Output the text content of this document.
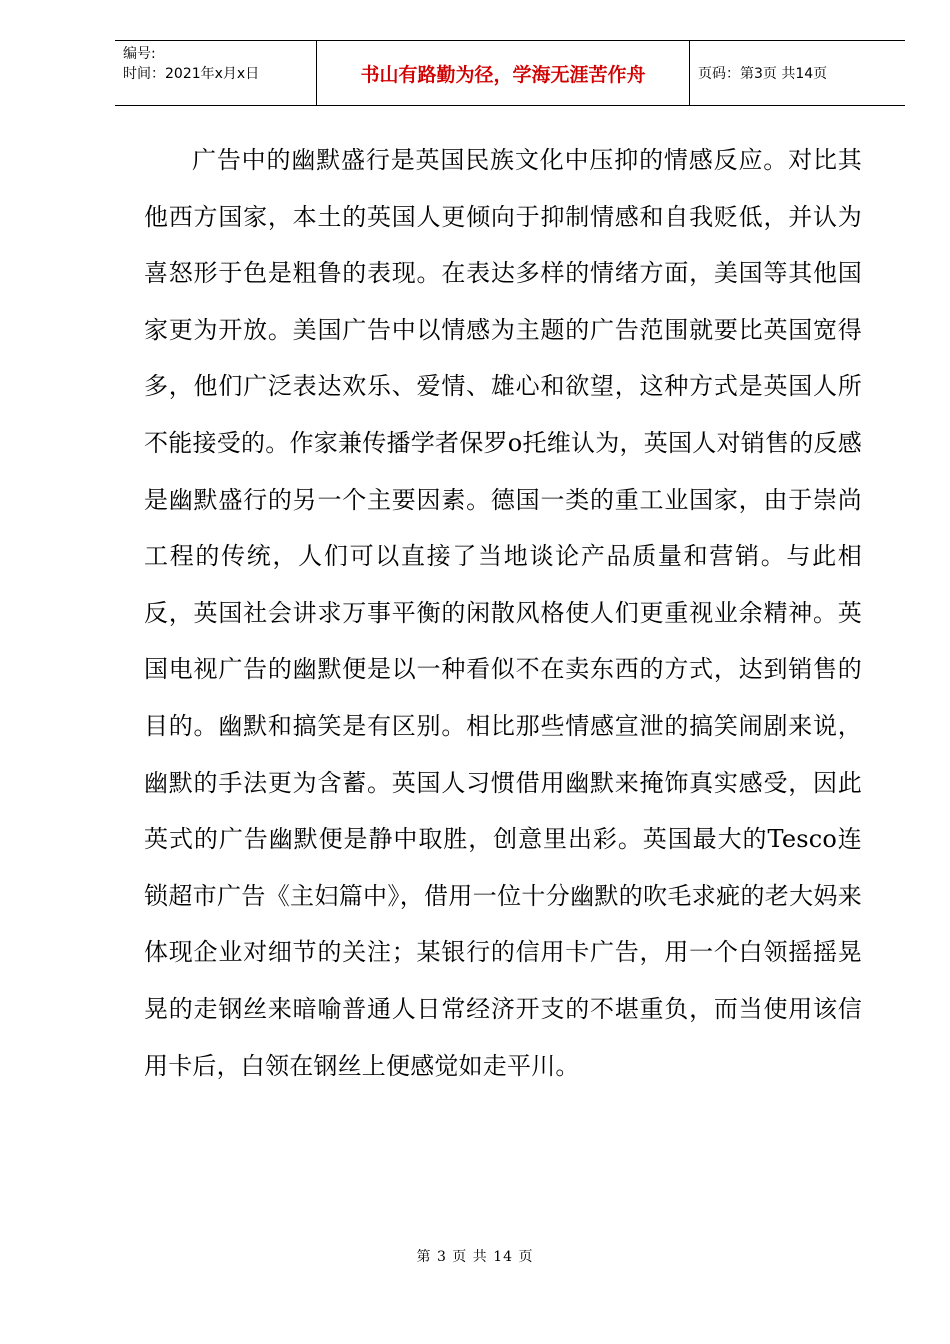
编号:
时间：2021年x月x日	书山有路勤为径，学海无涯苦作舟	页码：第3页 共14页

广告中的幽默盛行是英国民族文化中压抑的情感反应。对比其他西方国家，本土的英国人更倾向于抑制情感和自我贬低，并认为喜怒形于色是粗鲁的表现。在表达多样的情绪方面，美国等其他国家更为开放。美国广告中以情感为主题的广告范围就要比英国宽得多，他们广泛表达欢乐、爱情、雄心和欲望，这种方式是英国人所不能接受的。作家兼传播学者保罗o托维认为，英国人对销售的反感是幽默盛行的另一个主要因素。德国一类的重工业国家，由于崇尚工程的传统，人们可以直接了当地谈论产品质量和营销。与此相反，英国社会讲求万事平衡的闲散风格使人们更重视业余精神。英国电视广告的幽默便是以一种看似不在卖东西的方式，达到销售的目的。幽默和搞笑是有区别。相比那些情感宣泄的搞笑闹剧来说，幽默的手法更为含蓄。英国人习惯借用幽默来掩饰真实感受，因此英式的广告幽默便是静中取胜，创意里出彩。英国最大的Tesco连锁超市广告《主妇篇中》，借用一位十分幽默的吹毛求疵的老大妈来体现企业对细节的关注；某银行的信用卡广告，用一个白领摇摇晃晃的走钢丝来暗喻普通人日常经济开支的不堪重负，而当使用该信用卡后，白领在钢丝上便感觉如走平川。

第 3 页 共 14 页
